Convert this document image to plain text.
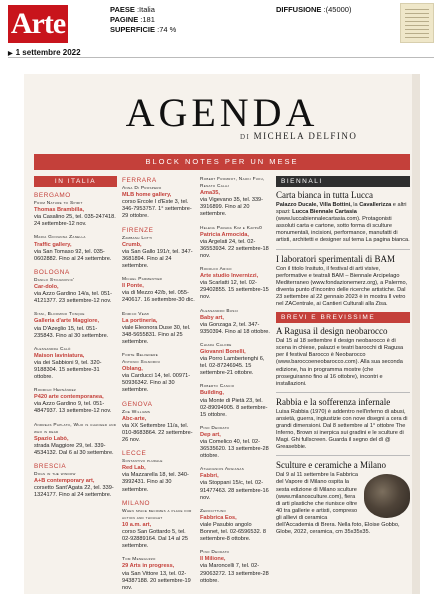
Arte	PAESE :Italia
PAGINE :181
SUPERFICIE :74 %
DIFFUSIONE :(45000)
▶ 1 settembre 2022
AGENDA
DI MICHELA DELFINO
BLOCK NOTES PER UN MESE
IN ITALIA
BERGAMO
From Nature to Spirit
Thomas Brambilla,
via Casalino 25, tel. 035-247418. 24 settembre-12 nov.
Maria Giovanna Zanella
Traffic gallery,
via San Tomaso 92, tel. 035-0602882. Fino al 24 settembre.
BOLOGNA
Danilo Stojanovic'
Car-dolo,
via Azzo Gardino 14/a, tel. 051-4121377. 23 settembre-12 nov.
Sissi, Bloomino Tonque
Galleria d'arte Maggiore,
via D'Azeglio 15, tel. 051-235843. Fino al 30 settembre.
Alessandra Calò
Maison laviniatura,
via dei Sabbioni 9, tel. 320-9188304. 15 settembre-31 ottobre.
Rodrigo Hernández
P420 arte contemporanea,
via Azzo Gardino 9, tel. 051-4847937. 13 settembre-12 nov.
Andreas Paplato, Who is changed and who is dead
Spazio Labò,
strada Maggiore 29, tel. 339-4534132. Dal 6 al 30 settembre.
BRESCIA
Dogs in the window
A+B contemporary art,
corsetto Sant'Agata 22, tel. 339-1324177. Fino al 24 settembre.
FERRARA
Anna Di Prospero
MLB home gallery,
corso Ercole I d'Este 3, tel. 346-7953757. 1° settembre-29 ottobre.
FIRENZE
Zambash Lotti
Crumb,
via San Gallo 191/r, tel. 347-3681894. Fino al 24 settembre.
Michel Parmentier
Il Ponte,
via di Mezzo 42/b, tel. 055-240617. 16 settembre-30 dic.
Enrico Vezzi
La portineria,
viale Eleonora Duse 30, tel. 348-5655831. Fino al 25 settembre.
Forte Belvedere
Antonio Signorini
Oblang,
via Carducci 14, tel. 00971-50936342. Fino al 30 settembre.
GENOVA
Zoe Williams
Abc-arte,
via XX Settembre 11/a, tel. 010-8683864. 22 settembre-26 nov.
LECCE
Sostantivo plurale
Red Lab,
via Mazzarella 18, tel. 340-3992431. Fino al 30 settembre.
MILANO
When space becomes a place for action and thought
10 a.m. art,
corso San Gottardo 5, tel. 02-92889164. Dal 14 al 25 settembre.
Tom Meneguzzo
29 Arts in progress,
via San Vittore 13, tel. 02-94387188. 20 settembre-19 nov.
Robert Fromrot, Naoki Fuku, Renato Calaj
Ama35,
via Vigevano 35, tel. 339-3916899. Fino al 20 settembre.
Helena Parada Kim e Kappa0
Patricia Armocida,
via Argelati 24, tel. 02-36553934. 22 settembre-18 nov.
Rodolfo Arico
Arte studio Invernizzi,
via Scarlatti 12, tel. 02-29402855. 15 settembre-15 nov.
Alessandro Busci
Baby art,
via Gonzaga 2, tel. 347-9350394. Fino al 18 ottobre.
Chiara Calore
Giovanni Bonelli,
via Porro Lambertenghi 6, tel. 02-87246945. 15 settembre-21 ottobre.
Roberto Cascio
Building,
via Monte di Pietà 23, tel. 02-89094905. 8 settembre-15 ottobre.
Pino Deodato
Dep art,
via Comelico 40, tel. 02-36535620. 13 settembre-28 ottobre.
Athanasios Argianas
Fabbri,
via Stoppani 15/c, tel. 02-91477463. 28 settembre-16 nov.
Zerocittuno
Fabbrica Eos,
viale Pasubio angolo Bonnet, tel. 02-6596532. 8 settembre-8 ottobre.
Pino Deodato
Il Milione,
via Maroncelli 7, tel. 02-29063272. 13 settembre-28 ottobre.
BIENNALI
Carta bianca in tutta Lucca
Palazzo Ducale, Villa Bottini, la Cavallerizza e altri spazi: Lucca Biennale Cartasia (www.luccabiennalecartasia.com). Protagonisti assoluti carta e cartone, sotto forma di sculture monumentali, incisioni, performance, manufatti di artisti, architetti e designer sul tema La pagina bianca.
I laboratori sperimentali di BAM
Con il titolo Insituto, il festival di arti visive, performative e teatrali BAM – Biennale Arcipelago Mediterraneo (www.fondazionemerz.org), a Palermo, diventa punto d'incontro delle ricerche artistiche. Dal 23 settembre al 22 gennaio 2023 è in mostra Il vetro nel ZACentrale, ai Cantieri Culturali alla Zisa.
BREVI E BREVISSIME
A Ragusa il design neobarocco
Dal 15 al 18 settembre il design neobarocco è di scena in chiese, palazzi e teatri barocchi di Ragusa per il festival Barocco è Neobarocco (www.baroccoeneobarocco.com). Alla sua seconda edizione, ha in programma mostre (che proseguiranno fino al 16 ottobre), incontri e installazioni.
Rabbia e la sofferenza infernale
Luisa Rabbia (1970) è addentro nell'inferno di abusi, ansietà, guerra, ingiustizie con nove disegni a cera di grandi dimensioni. Dal 8 settembre al 1° ottobre The Inferno, Brown si inerpica sui gradini e le sculture di Magi. Ghi fullscreen. Guarda il segno del dì @ Greasebbie.
Sculture e ceramiche a Milano
Dal 9 al 11 settembre la Fabbrica del Vapore di Milano ospita la sesta edizione di Milano sculture (www.milanosculture.com), fiera di arti plastiche che riunisce oltre 40 tra gallerie e artisti, compreso gli allievi di ceramica dell'Accademia di Brera. Nella foto, Eloise Gobbo, Globe, 2022, ceramica, cm 35x35x35.
